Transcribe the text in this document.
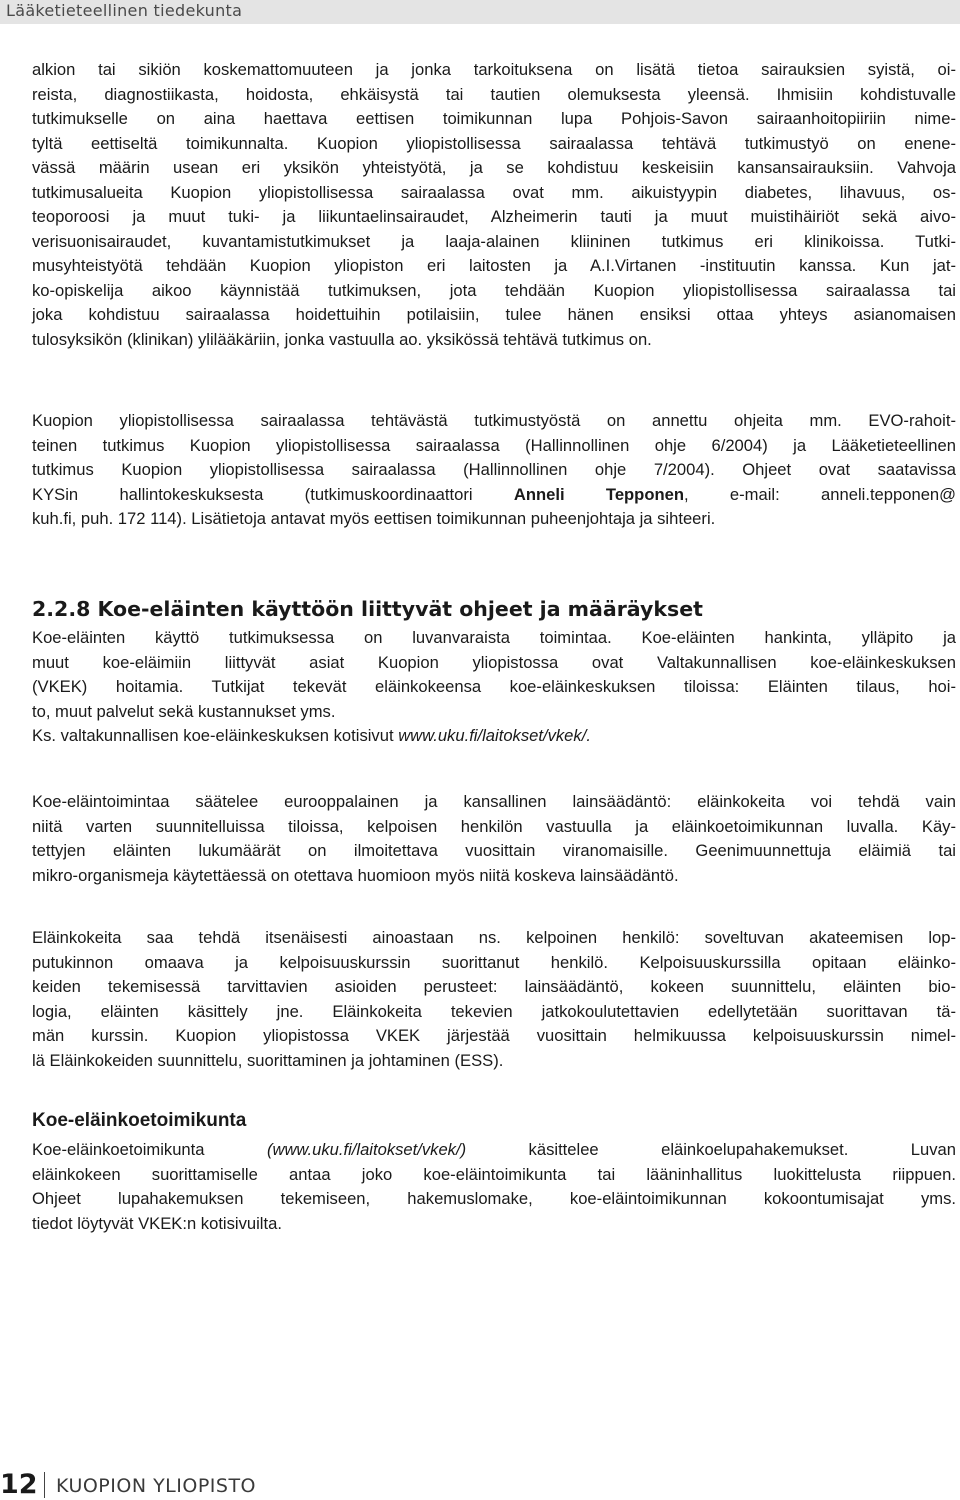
Lääketieteellinen tiedekunta

alkion tai sikiön koskemattomuuteen ja jonka tarkoituksena on lisätä tietoa sairauksien syistä, oi-
reista, diagnostiikasta, hoidosta, ehkäisystä tai tautien olemuksesta yleensä. Ihmisiin kohdistuvalle
tutkimukselle on aina haettava eettisen toimikunnan lupa Pohjois-Savon sairaanhoitopiiriin nime-
tyltä eettiseltä toimikunnalta. Kuopion yliopistollisessa sairaalassa tehtävä tutkimustyö on enene-
vässä määrin usean eri yksikön yhteistyötä, ja se kohdistuu keskeisiin kansansairauksiin. Vahvoja
tutkimusalueita Kuopion yliopistollisessa sairaalassa ovat mm. aikuistyypin diabetes, lihavuus, os-
teoporoosi ja muut tuki- ja liikuntaelinsairaudet, Alzheimerin tauti ja muut muistihäiriöt sekä aivo-
verisuonisairaudet, kuvantamistutkimukset ja laaja-alainen kliininen tutkimus eri klinikoissa. Tutki-
musyhteistyötä tehdään Kuopion yliopiston eri laitosten ja A.I.Virtanen -instituutin kanssa. Kun jat-
ko-opiskelija aikoo käynnistää tutkimuksen, jota tehdään Kuopion yliopistollisessa sairaalassa tai
joka kohdistuu sairaalassa hoidettuihin potilaisiin, tulee hänen ensiksi ottaa yhteys asianomaisen
tulosyksikön (klinikan) ylilääkäriin, jonka vastuulla ao. yksikössä tehtävä tutkimus on.

Kuopion yliopistollisessa sairaalassa tehtävästä tutkimustyöstä on annettu ohjeita mm. EVO-rahoit-
teinen tutkimus Kuopion yliopistollisessa sairaalassa (Hallinnollinen ohje 6/2004) ja Lääketieteellinen
tutkimus Kuopion yliopistollisessa sairaalassa (Hallinnollinen ohje 7/2004). Ohjeet ovat saatavissa
KYSin hallintokeskuksesta (tutkimuskoordinaattori Anneli Tepponen, e-mail: anneli.tepponen@
kuh.fi, puh. 172 114). Lisätietoja antavat myös eettisen toimikunnan puheenjohtaja ja sihteeri.

2.2.8 Koe-eläinten käyttöön liittyvät ohjeet ja määräykset

Koe-eläinten käyttö tutkimuksessa on luvanvaraista toimintaa. Koe-eläinten hankinta, ylläpito ja
muut koe-eläimiin liittyvät asiat Kuopion yliopistossa ovat Valtakunnallisen koe-eläinkeskuksen
(VKEK) hoitamia. Tutkijat tekevät eläinkokeensa koe-eläinkeskuksen tiloissa: Eläinten tilaus, hoi-
to, muut palvelut sekä kustannukset yms.
Ks. valtakunnallisen koe-eläinkeskuksen kotisivut www.uku.fi/laitokset/vkek/.

Koe-eläintoimintaa säätelee eurooppalainen ja kansallinen lainsäädäntö: eläinkokeita voi tehdä vain
niitä varten suunnitelluissa tiloissa, kelpoisen henkilön vastuulla ja eläinkoetoimikunnan luvalla. Käy-
tettyjen eläinten lukumäärät on ilmoitettava vuosittain viranomaisille. Geenimuunnettuja eläimiä tai
mikro-organismeja käytettäessä on otettava huomioon myös niitä koskeva lainsäädäntö.

Eläinkokeita saa tehdä itsenäisesti ainoastaan ns. kelpoinen henkilö: soveltuvan akateemisen lop-
putukinnon omaava ja kelpoisuuskurssin suorittanut henkilö. Kelpoisuuskurssilla opitaan eläinko-
keiden tekemisessä tarvittavien asioiden perusteet: lainsäädäntö, kokeen suunnittelu, eläinten bio-
logia, eläinten käsittely jne. Eläinkokeita tekevien jatkokoulutettavien edellytetään suorittavan tä-
män kurssin. Kuopion yliopistossa VKEK järjestää vuosittain helmikuussa kelpoisuuskurssin nimel-
lä Eläinkokeiden suunnittelu, suorittaminen ja johtaminen (ESS).

Koe-eläinkoetoimikunta

Koe-eläinkoetoimikunta (www.uku.fi/laitokset/vkek/) käsittelee eläinkoelupahakemukset. Luvan
eläinkokeen suorittamiselle antaa joko koe-eläintoimikunta tai lääninhallitus luokittelusta riippuen.
Ohjeet lupahakemuksen tekemiseen, hakemuslomake, koe-eläintoimikunnan kokoontumisajat yms.
tiedot löytyvät VKEK:n kotisivuilta.

12 KUOPION YLIOPISTO
